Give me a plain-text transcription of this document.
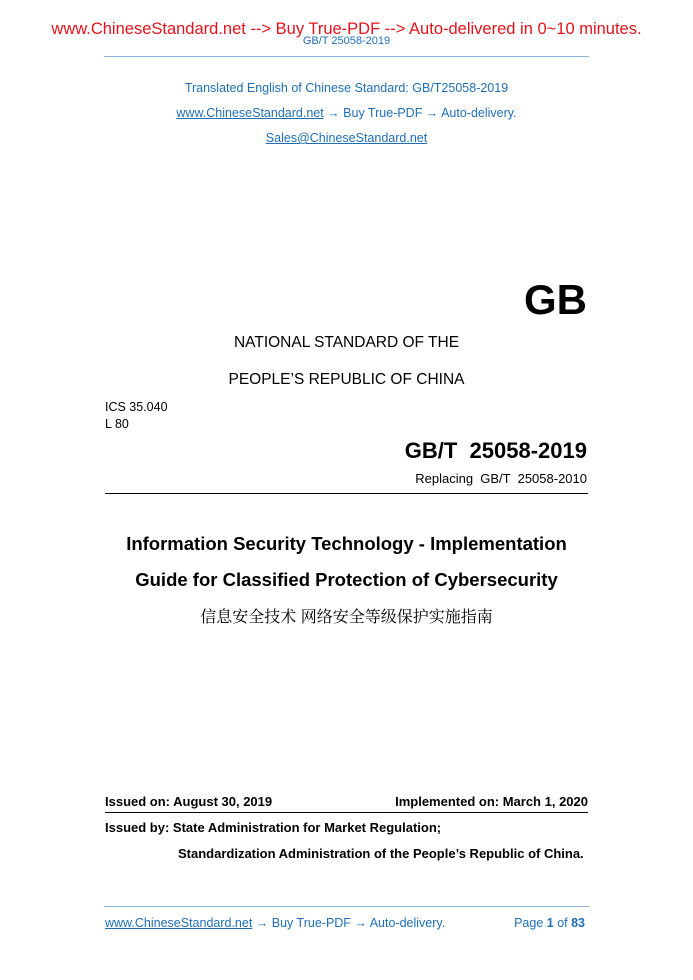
www.ChineseStandard.net --> Buy True-PDF --> Auto-delivered in 0~10 minutes.
GB/T 25058-2019
Translated English of Chinese Standard: GB/T25058-2019
www.ChineseStandard.net → Buy True-PDF → Auto-delivery.
Sales@ChineseStandard.net
GB
NATIONAL STANDARD OF THE
PEOPLE’S REPUBLIC OF CHINA
ICS 35.040
L 80
GB/T  25058-2019
Replacing  GB/T  25058-2010
Information Security Technology - Implementation
Guide for Classified Protection of Cybersecurity
信息安全技术 网络安全等级保护实施指南
Issued on: August 30, 2019	Implemented on: March 1, 2020
Issued by: State Administration for Market Regulation;
Standardization Administration of the People’s Republic of China.
www.ChineseStandard.net → Buy True-PDF → Auto-delivery.	Page 1 of 83
